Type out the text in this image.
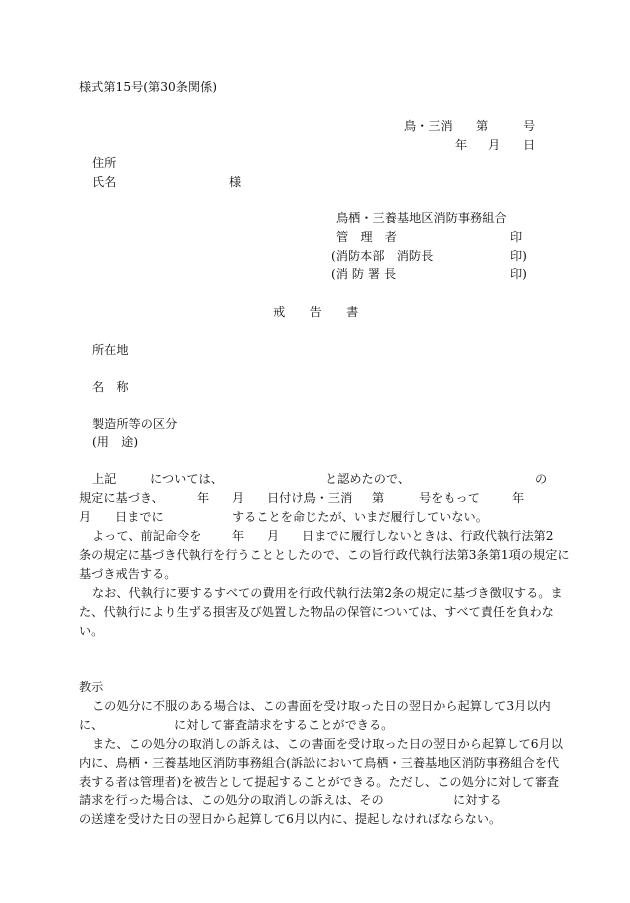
様式第15号(第30条関係)
鳥・三消 第	号
年 月 日
住所
氏名	様
鳥栖・三養基地区消防事務組合
管　理　者	印
(消防本部　消防長	印)
(消 防 署 長	印)
戒　　告　　書
所在地
名　称
製造所等の区分
(用　途)
上記	については、	と認めたので、	の
規定に基づき、	年 月 日付け鳥・三消 第	号をもって	年
月 日までに	することを命じたが、いまだ履行していない。
よって、前記命令を	年 月 日までに履行しないときは、行政代執行法第2
条の規定に基づき代執行を行うこととしたので、この旨行政代執行法第3条第1項の規定に
基づき戒告する。
なお、代執行に要するすべての費用を行政代執行法第2条の規定に基づき徴収する。ま
た、代執行により生ずる損害及び処置した物品の保管については、すべて責任を負わな
い。
教示
この処分に不服のある場合は、この書面を受け取った日の翌日から起算して3月以内
に、	に対して審査請求をすることができる。
また、この処分の取消しの訴えは、この書面を受け取った日の翌日から起算して6月以
内に、鳥栖・三養基地区消防事務組合(訴訟において鳥栖・三養基地区消防事務組合を代
表する者は管理者)を被告として提起することができる。ただし、この処分に対して審査
請求を行った場合は、この処分の取消しの訴えは、その	に対する
の送達を受けた日の翌日から起算して6月以内に、提起しなければならない。
